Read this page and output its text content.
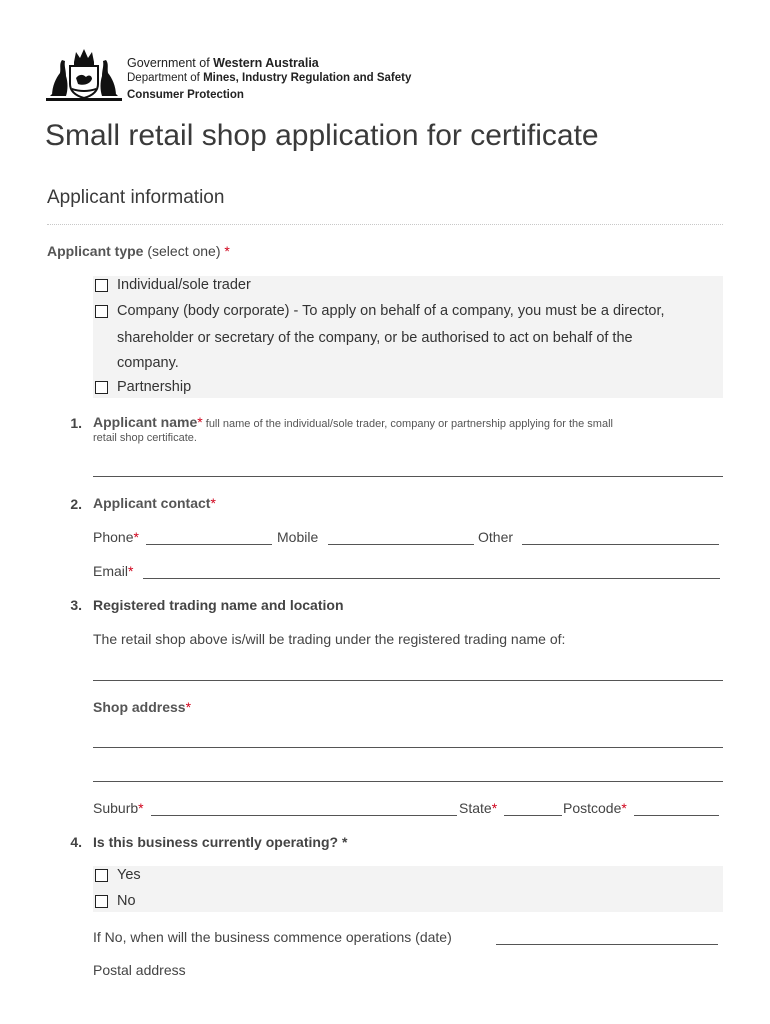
Government of Western Australia
Department of Mines, Industry Regulation and Safety
Consumer Protection
Small retail shop application for certificate
Applicant information
Applicant type (select one) *
Individual/sole trader
Company (body corporate) - To apply on behalf of a company, you must be a director,
shareholder or secretary of the company, or be authorised to act on behalf of the
company.
Partnership
1. Applicant name* full name of the individual/sole trader, company or partnership applying for the small
retail shop certificate.
2. Applicant contact*
Phone*	Mobile	Other
Email*
3. Registered trading name and location
The retail shop above is/will be trading under the registered trading name of:
Shop address*
Suburb*	State*	Postcode*
4. Is this business currently operating? *
Yes
No
If No, when will the business commence operations (date)
Postal address
